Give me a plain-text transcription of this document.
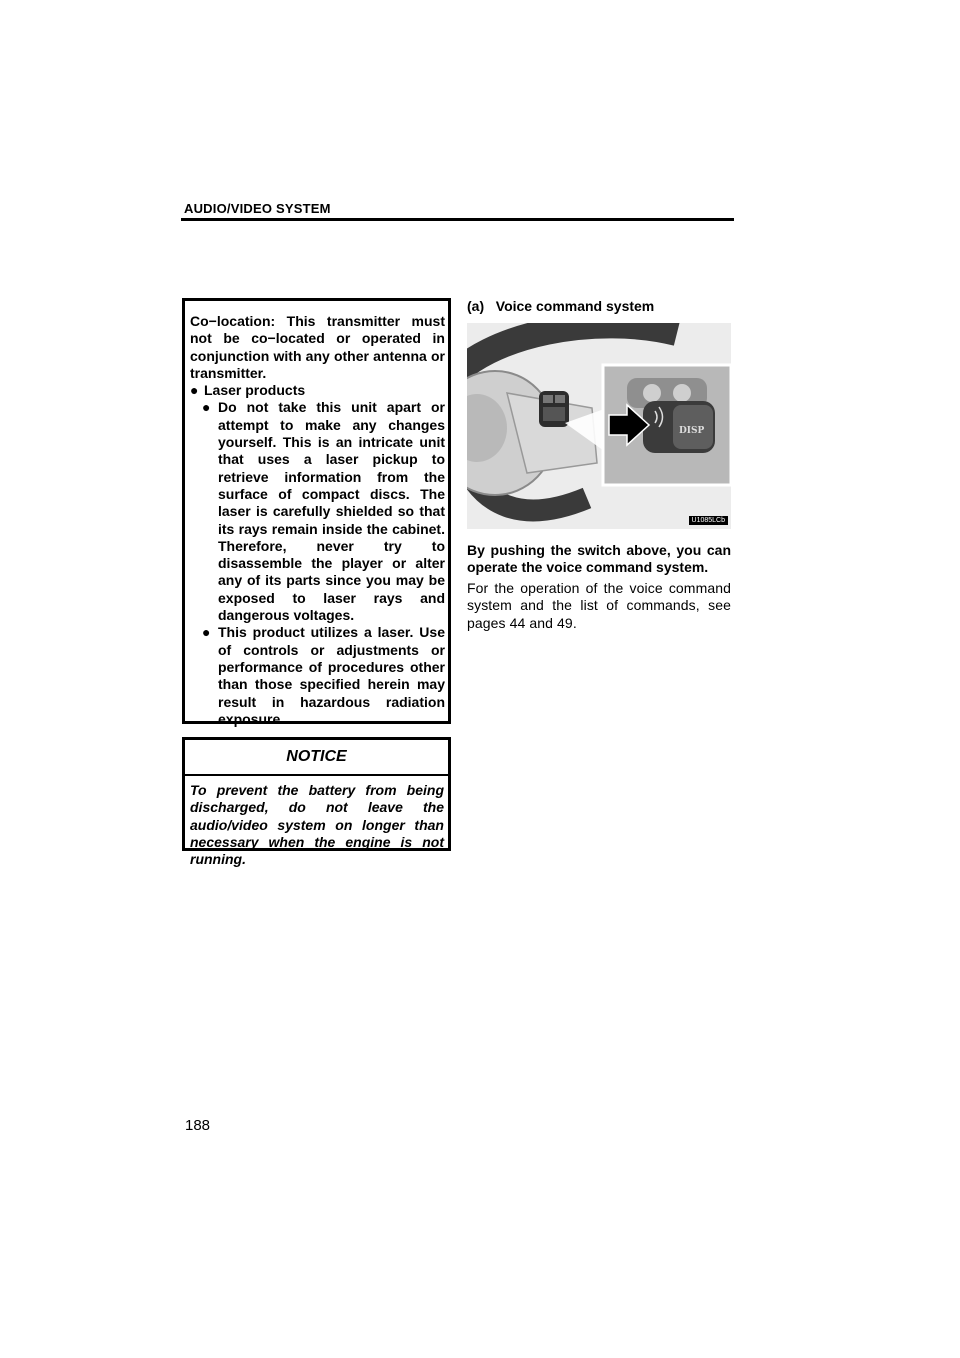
AUDIO/VIDEO SYSTEM

Co−location: This transmitter must not be co−located or operated in conjunction with any other antenna or transmitter.

● Laser products
● Do not take this unit apart or attempt to make any changes yourself. This is an intricate unit that uses a laser pickup to retrieve information from the surface of compact discs. The laser is carefully shielded so that its rays remain inside the cabinet. Therefore, never try to disassemble the player or alter any of its parts since you may be exposed to laser rays and dangerous voltages.
● This product utilizes a laser. Use of controls or adjustments or performance of procedures other than those specified herein may result in hazardous radiation exposure.
NOTICE
To prevent the battery from being discharged, do not leave the audio/video system on longer than necessary when the engine is not running.
(a)   Voice command system
DISP
U1085LCb
By pushing the switch above, you can operate the voice command system.
For the operation of the voice command system and the list of commands, see pages 44 and 49.
188
